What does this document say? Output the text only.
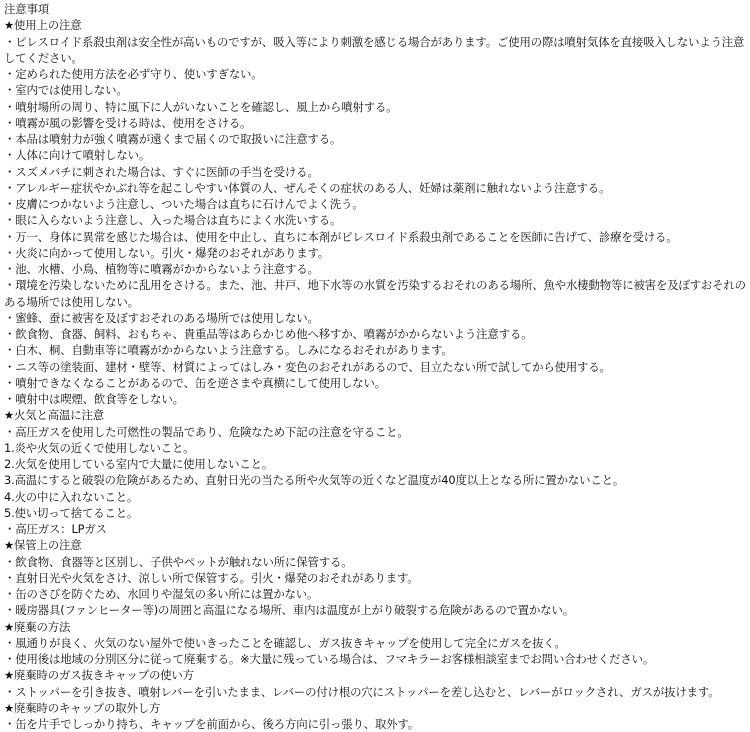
注意事項
★使用上の注意
・ピレスロイド系殺虫剤は安全性が高いものですが、吸入等により刺激を感じる場合があります。ご使用の際は噴射気体を直接吸入しないよう注意してください。
・定められた使用方法を必ず守り、使いすぎない。
・室内では使用しない。
・噴射場所の周り、特に風下に人がいないことを確認し、風上から噴射する。
・噴霧が風の影響を受ける時は、使用をさける。
・本品は噴射力が強く噴霧が遠くまで届くので取扱いに注意する。
・人体に向けて噴射しない。
・スズメバチに刺された場合は、すぐに医師の手当を受ける。
・アレルギー症状やかぶれ等を起こしやすい体質の人、ぜんそくの症状のある人、妊婦は薬剤に触れないよう注意する。
・皮膚につかないよう注意し、ついた場合は直ちに石けんでよく洗う。
・眼に入らないよう注意し、入った場合は直ちによく水洗いする。
・万一、身体に異常を感じた場合は、使用を中止し、直ちに本剤がピレスロイド系殺虫剤であることを医師に告げて、診療を受ける。
・火炎に向かって使用しない。引火・爆発のおそれがあります。
・池、水槽、小鳥、植物等に噴霧がかからないよう注意する。
・環境を汚染しないために乱用をさける。また、池、井戸、地下水等の水質を汚染するおそれのある場所、魚や水棲動物等に被害を及ぼすおそれのある場所では使用しない。
・蜜蜂、蚕に被害を及ぼすおそれのある場所では使用しない。
・飲食物、食器、飼料、おもちゃ、貴重品等はあらかじめ他へ移すか、噴霧がかからないよう注意する。
・白木、桐、自動車等に噴霧がかからないよう注意する。しみになるおそれがあります。
・ニス等の塗装面、建材・壁等、材質によってはしみ・変色のおそれがあるので、目立たない所で試してから使用する。
・噴射できなくなることがあるので、缶を逆さまや真横にして使用しない。
・噴射中は喫煙、飲食等をしない。
★火気と高温に注意
・高圧ガスを使用した可燃性の製品であり、危険なため下記の注意を守ること。
1.炎や火気の近くで使用しないこと。
2.火気を使用している室内で大量に使用しないこと。
3.高温にすると破裂の危険があるため、直射日光の当たる所や火気等の近くなど温度が40度以上となる所に置かないこと。
4.火の中に入れないこと。
5.使い切って捨てること。
・高圧ガス：LPガス
★保管上の注意
・飲食物、食器等と区別し、子供やペットが触れない所に保管する。
・直射日光や火気をさけ、涼しい所で保管する。引火・爆発のおそれがあります。
・缶のさびを防ぐため、水回りや湿気の多い所には置かない。
・暖房器具(ファンヒーター等)の周囲と高温になる場所、車内は温度が上がり破裂する危険があるので置かない。
★廃棄の方法
・風通りが良く、火気のない屋外で使いきったことを確認し、ガス抜きキャップを使用して完全にガスを抜く。
・使用後は地域の分別区分に従って廃棄する。※大量に残っている場合は、フマキラーお客様相談室までお問い合わせください。
★廃棄時のガス抜きキャップの使い方
・ストッパーを引き抜き、噴射レバーを引いたまま、レバーの付け根の穴にストッパーを差し込むと、レバーがロックされ、ガスが抜けます。
★廃棄時のキャップの取外し方
・缶を片手でしっかり持ち、キャップを前面から、後ろ方向に引っ張り、取外す。
